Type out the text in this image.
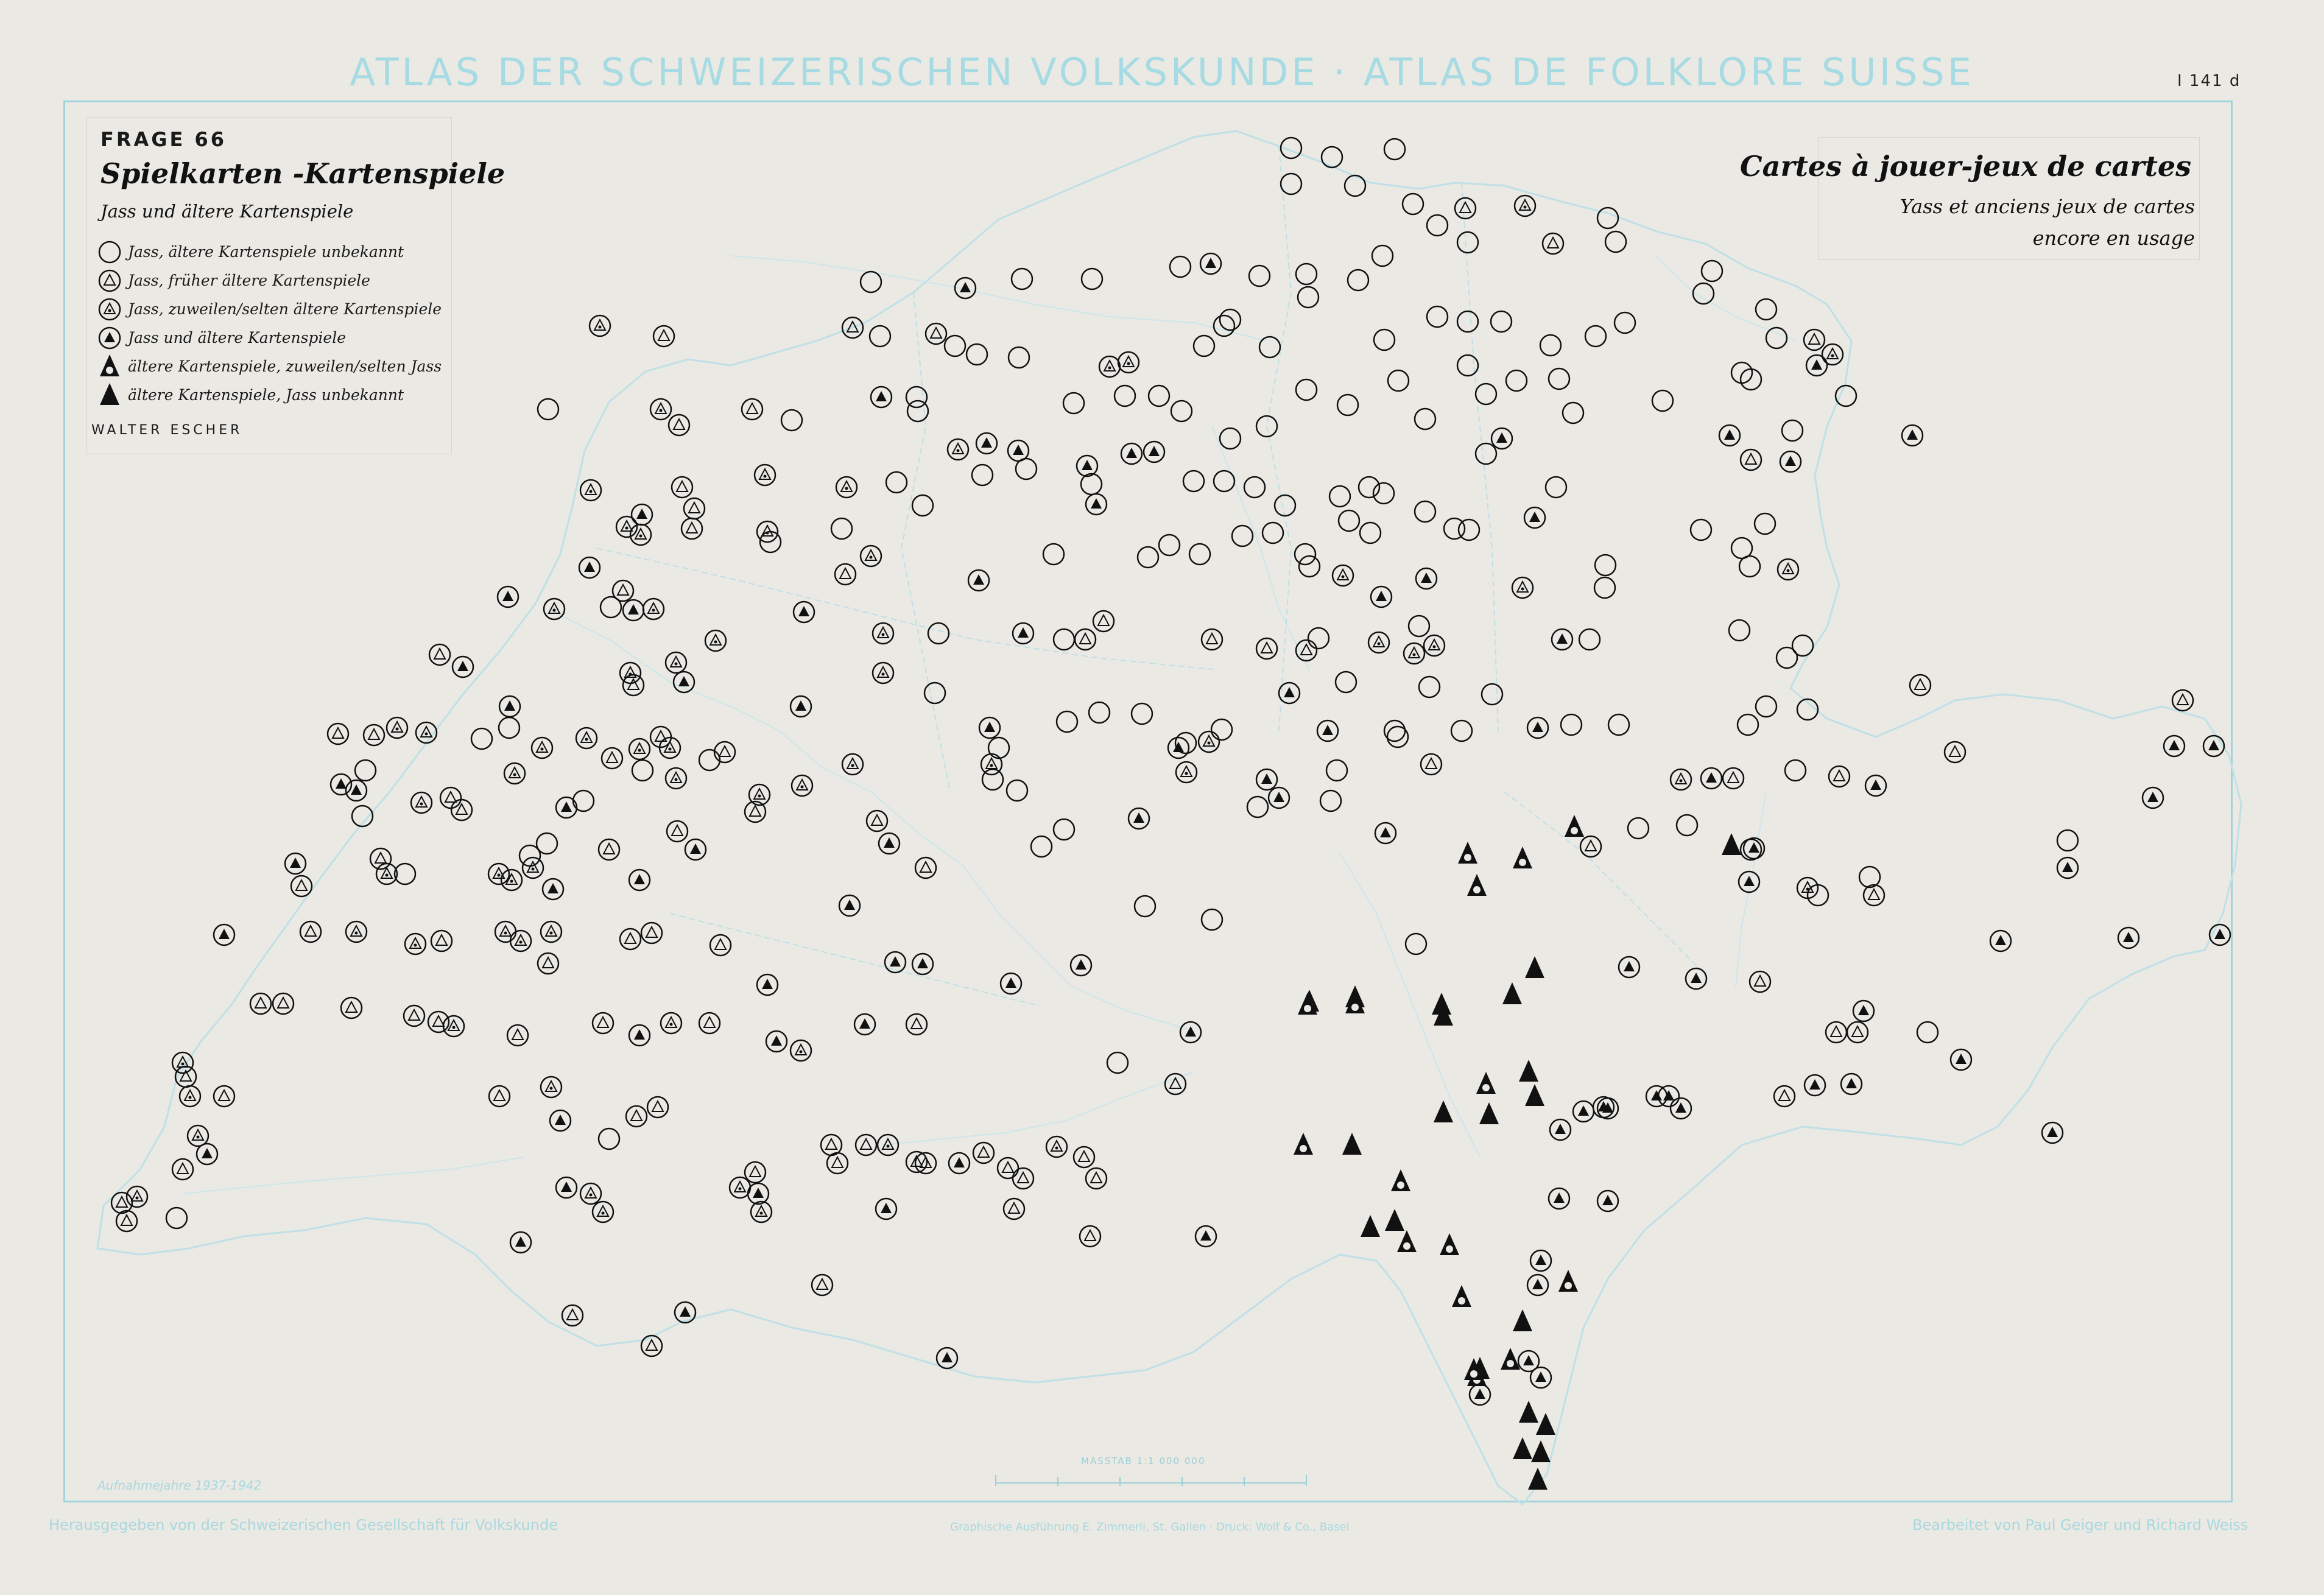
ATLAS DER SCHWEIZERISCHEN VOLKSKUNDE · ATLAS DE FOLKLORE SUISSE	I 141 d
MASSTAB 1:1 000 000
FRAGE 66
Spielkarten -Kartenspiele
Jass und ältere Kartenspiele
Jass, ältere Kartenspiele unbekannt
Jass, früher ältere Kartenspiele
Jass, zuweilen/selten ältere Kartenspiele
Jass und ältere Kartenspiele
ältere Kartenspiele, zuweilen/selten Jass
ältere Kartenspiele, Jass unbekannt
WALTER ESCHER
Cartes à jouer-jeux de cartes
Yass et anciens jeux de cartes
encore en usage
Aufnahmejahre 1937-1942
Herausgegeben von der Schweizerischen Gesellschaft für Volkskunde	Graphische Ausführung E. Zimmerli, St. Gallen · Druck: Wolf & Co., Basel	Bearbeitet von Paul Geiger und Richard Weiss
